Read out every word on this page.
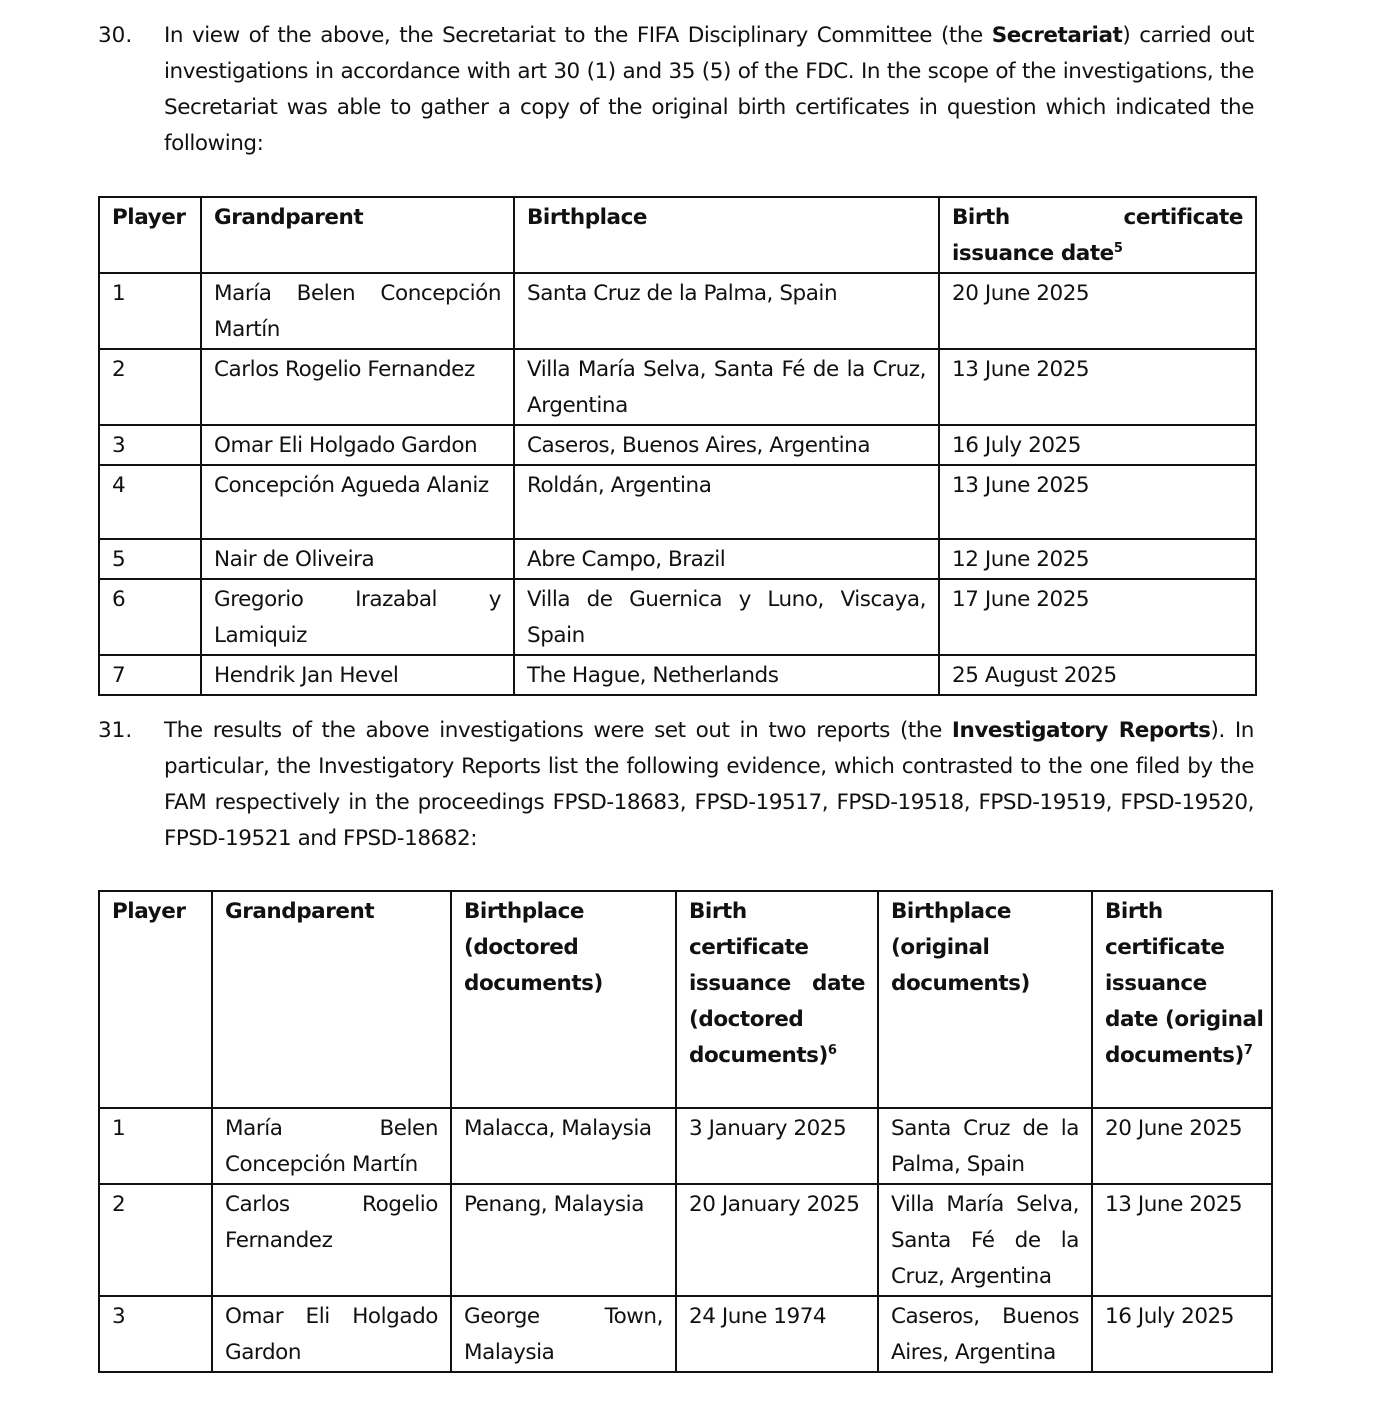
30. In view of the above, the Secretariat to the FIFA Disciplinary Committee (the Secretariat) carried out investigations in accordance with art 30 (1) and 35 (5) of the FDC. In the scope of the investigations, the Secretariat was able to gather a copy of the original birth certificates in question which indicated the following:
Player	Grandparent	Birthplace	Birth certificate issuance date$^5$
1	María Belen Concepción Martín	Santa Cruz de la Palma, Spain	20 June 2025
2	Carlos Rogelio Fernandez	Villa María Selva, Santa Fé de la Cruz, Argentina	13 June 2025
3	Omar Eli Holgado Gardon	Caseros, Buenos Aires, Argentina	16 July 2025
4	Concepción Agueda Alaniz	Roldán, Argentina	13 June 2025
5	Nair de Oliveira	Abre Campo, Brazil	12 June 2025
6	Gregorio Irazabal y Lamiquiz	Villa de Guernica y Luno, Viscaya, Spain	17 June 2025
7	Hendrik Jan Hevel	The Hague, Netherlands	25 August 2025
31. The results of the above investigations were set out in two reports (the Investigatory Reports). In particular, the Investigatory Reports list the following evidence, which contrasted to the one filed by the FAM respectively in the proceedings FPSD-18683, FPSD-19517, FPSD-19518, FPSD-19519, FPSD-19520, FPSD-19521 and FPSD-18682:
Player	Grandparent	Birthplace (doctored documents)	Birth certificate issuance date (doctored documents)$^6$	Birthplace (original documents)	Birth certificate issuance date (original documents)$^7$
1	María Belen Concepción Martín	Malacca, Malaysia	3 January 2025	Santa Cruz de la Palma, Spain	20 June 2025
2	Carlos Rogelio Fernandez	Penang, Malaysia	20 January 2025	Villa María Selva, Santa Fé de la Cruz, Argentina	13 June 2025
3	Omar Eli Holgado Gardon	George Town, Malaysia	24 June 1974	Caseros, Buenos Aires, Argentina	16 July 2025
